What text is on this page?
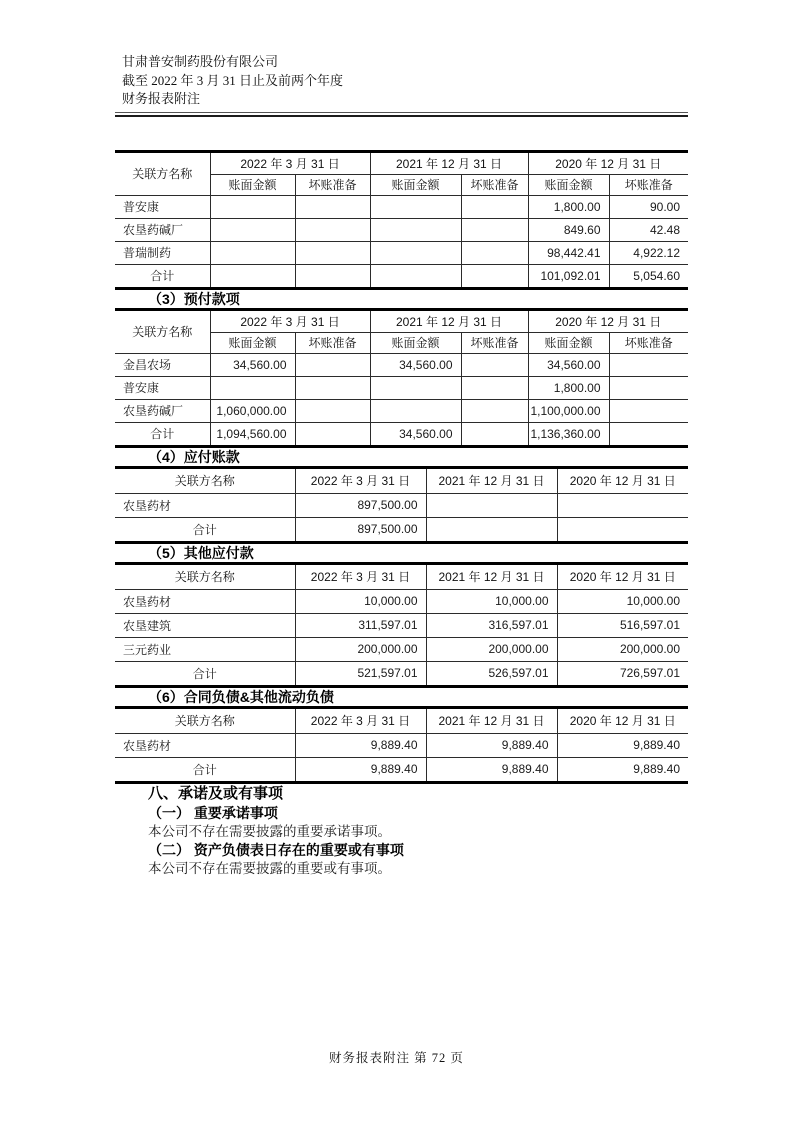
甘肃普安制药股份有限公司
截至 2022 年 3 月 31 日止及前两个年度
财务报表附注
关联方名称	2022 年 3 月 31 日		2021 年 12 月 31 日		2020 年 12 月 31 日	
	账面金额	坏账准备	账面金额	坏账准备	账面金额	坏账准备
普安康					1,800.00	90.00
农垦药碱厂					849.60	42.48
普瑞制药					98,442.41	4,922.12
合计					101,092.01	5,054.60
（3）预付款项
关联方名称	2022 年 3 月 31 日		2021 年 12 月 31 日		2020 年 12 月 31 日	
	账面金额	坏账准备	账面金额	坏账准备	账面金额	坏账准备
金昌农场	34,560.00		34,560.00		34,560.00	
普安康					1,800.00	
农垦药碱厂	1,060,000.00				1,100,000.00	
合计	1,094,560.00		34,560.00		1,136,360.00	
（4）应付账款
关联方名称	2022 年 3 月 31 日	2021 年 12 月 31 日	2020 年 12 月 31 日
农垦药材	897,500.00		
合计	897,500.00		
（5）其他应付款
关联方名称	2022 年 3 月 31 日	2021 年 12 月 31 日	2020 年 12 月 31 日
农垦药材	10,000.00	10,000.00	10,000.00
农垦建筑	311,597.01	316,597.01	516,597.01
三元药业	200,000.00	200,000.00	200,000.00
合计	521,597.01	526,597.01	726,597.01
（6）合同负债&其他流动负债
关联方名称	2022 年 3 月 31 日	2021 年 12 月 31 日	2020 年 12 月 31 日
农垦药材	9,889.40	9,889.40	9,889.40
合计	9,889.40	9,889.40	9,889.40
八、承诺及或有事项
（一） 重要承诺事项

本公司不存在需要披露的重要承诺事项。

（二） 资产负债表日存在的重要或有事项

本公司不存在需要披露的重要或有事项。

财务报表附注 第 72 页
